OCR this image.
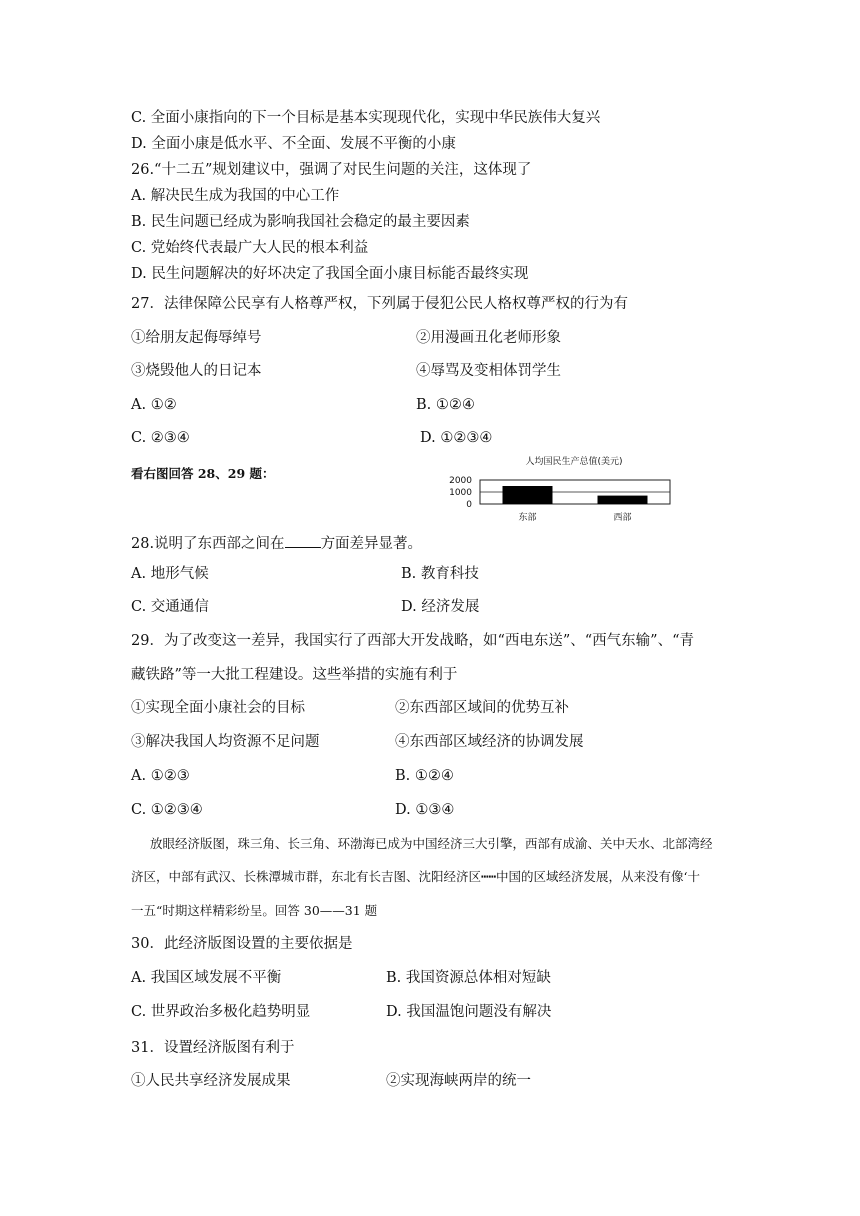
C. 全面小康指向的下一个目标是基本实现现代化，实现中华民族伟大复兴
D. 全面小康是低水平、不全面、发展不平衡的小康
26.“十二五”规划建议中，强调了对民生问题的关注，这体现了
A. 解决民生成为我国的中心工作
B. 民生问题已经成为影响我国社会稳定的最主要因素
C. 党始终代表最广大人民的根本利益
D. 民生问题解决的好坏决定了我国全面小康目标能否最终实现
27．法律保障公民享有人格尊严权，下列属于侵犯公民人格权尊严权的行为有
①给朋友起侮辱绰号	②用漫画丑化老师形象
③烧毁他人的日记本	④辱骂及变相体罚学生
A. ①②	B. ①②④
C. ②③④	D. ①②③④
看右图回答 28、29 题：
人均国民生产总值(美元)
2000
1000
0
东部	西部
28.说明了东西部之间在 方面差异显著。
A. 地形气候	B. 教育科技
C. 交通通信	D. 经济发展
29．为了改变这一差异，我国实行了西部大开发战略，如“西电东送”、“西气东输”、“青
藏铁路”等一大批工程建设。这些举措的实施有利于
①实现全面小康社会的目标	②东西部区域间的优势互补
③解决我国人均资源不足问题	④东西部区域经济的协调发展
A. ①②③	B. ①②④
C. ①②③④	D. ①③④
放眼经济版图，珠三角、长三角、环渤海已成为中国经济三大引擎，西部有成渝、关中天水、北部湾经
济区，中部有武汉、长株潭城市群，东北有长吉图、沈阳经济区┅┅中国的区域经济发展，从来没有像‘十
一五“时期这样精彩纷呈。回答 30——31 题
30．此经济版图设置的主要依据是
A. 我国区域发展不平衡	B. 我国资源总体相对短缺
C. 世界政治多极化趋势明显	D. 我国温饱问题没有解决
31．设置经济版图有利于
①人民共享经济发展成果	②实现海峡两岸的统一
